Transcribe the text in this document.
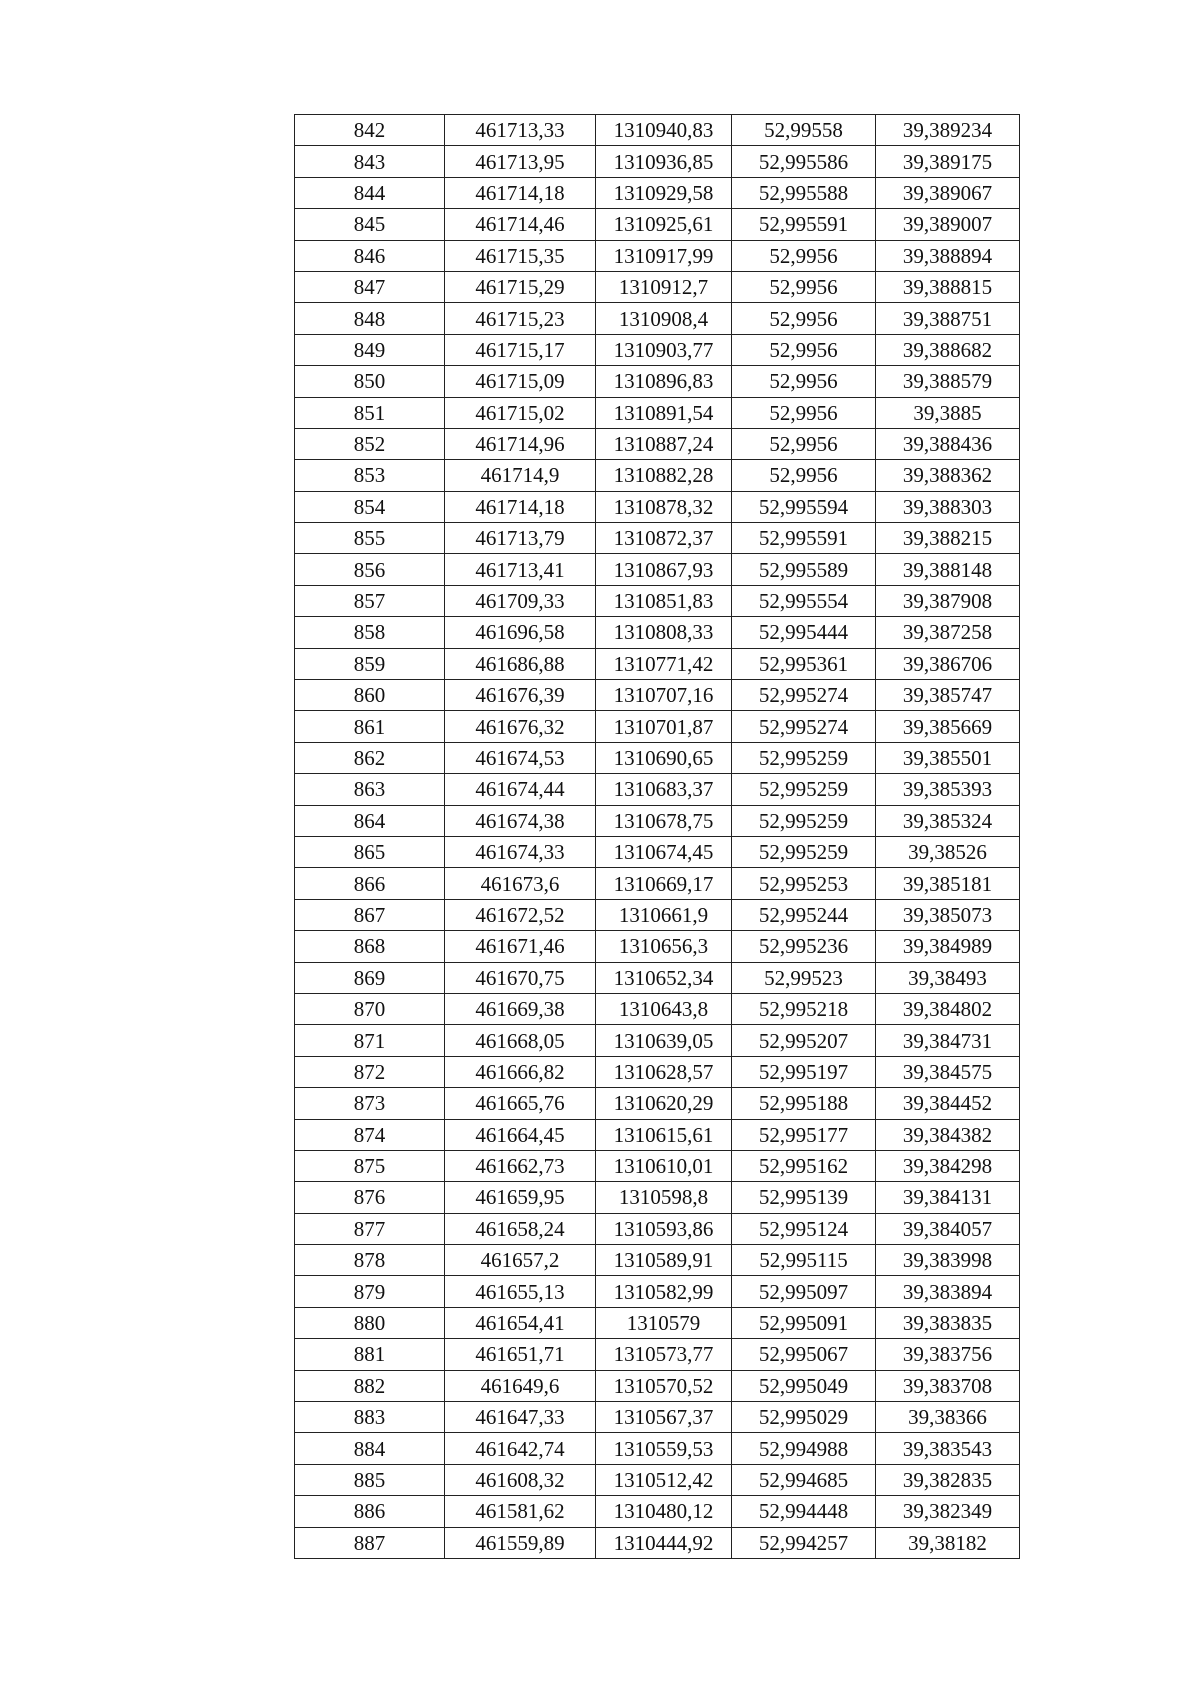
842	461713,33	1310940,83	52,99558	39,389234
843	461713,95	1310936,85	52,995586	39,389175
844	461714,18	1310929,58	52,995588	39,389067
845	461714,46	1310925,61	52,995591	39,389007
846	461715,35	1310917,99	52,9956	39,388894
847	461715,29	1310912,7	52,9956	39,388815
848	461715,23	1310908,4	52,9956	39,388751
849	461715,17	1310903,77	52,9956	39,388682
850	461715,09	1310896,83	52,9956	39,388579
851	461715,02	1310891,54	52,9956	39,3885
852	461714,96	1310887,24	52,9956	39,388436
853	461714,9	1310882,28	52,9956	39,388362
854	461714,18	1310878,32	52,995594	39,388303
855	461713,79	1310872,37	52,995591	39,388215
856	461713,41	1310867,93	52,995589	39,388148
857	461709,33	1310851,83	52,995554	39,387908
858	461696,58	1310808,33	52,995444	39,387258
859	461686,88	1310771,42	52,995361	39,386706
860	461676,39	1310707,16	52,995274	39,385747
861	461676,32	1310701,87	52,995274	39,385669
862	461674,53	1310690,65	52,995259	39,385501
863	461674,44	1310683,37	52,995259	39,385393
864	461674,38	1310678,75	52,995259	39,385324
865	461674,33	1310674,45	52,995259	39,38526
866	461673,6	1310669,17	52,995253	39,385181
867	461672,52	1310661,9	52,995244	39,385073
868	461671,46	1310656,3	52,995236	39,384989
869	461670,75	1310652,34	52,99523	39,38493
870	461669,38	1310643,8	52,995218	39,384802
871	461668,05	1310639,05	52,995207	39,384731
872	461666,82	1310628,57	52,995197	39,384575
873	461665,76	1310620,29	52,995188	39,384452
874	461664,45	1310615,61	52,995177	39,384382
875	461662,73	1310610,01	52,995162	39,384298
876	461659,95	1310598,8	52,995139	39,384131
877	461658,24	1310593,86	52,995124	39,384057
878	461657,2	1310589,91	52,995115	39,383998
879	461655,13	1310582,99	52,995097	39,383894
880	461654,41	1310579	52,995091	39,383835
881	461651,71	1310573,77	52,995067	39,383756
882	461649,6	1310570,52	52,995049	39,383708
883	461647,33	1310567,37	52,995029	39,38366
884	461642,74	1310559,53	52,994988	39,383543
885	461608,32	1310512,42	52,994685	39,382835
886	461581,62	1310480,12	52,994448	39,382349
887	461559,89	1310444,92	52,994257	39,38182
